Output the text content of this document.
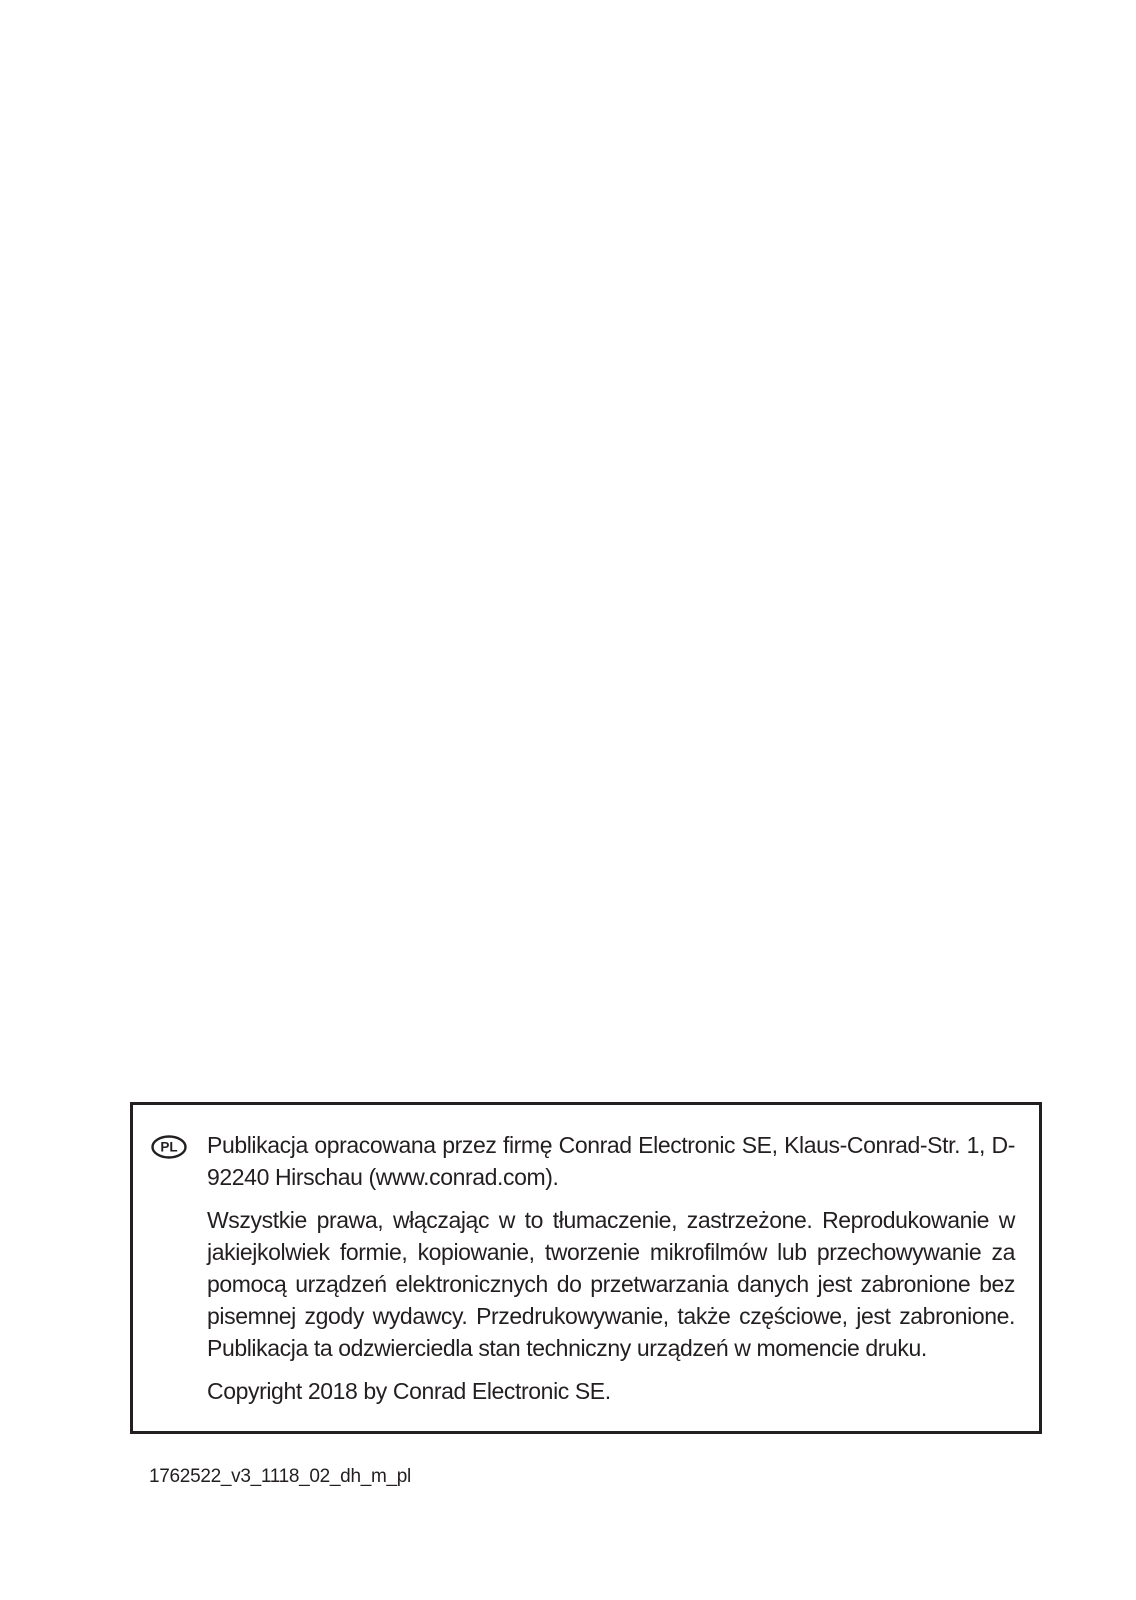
PL Publikacja opracowana przez firmę Conrad Electronic SE, Klaus-Conrad-Str. 1, D-92240 Hirschau (www.conrad.com).

Wszystkie prawa, włączając w to tłumaczenie, zastrzeżone. Reprodukowanie w jakiejkolwiek formie, kopiowanie, tworzenie mikrofilmów lub przechowywanie za pomocą urządzeń elektronicznych do przetwarzania danych jest zabronione bez pisemnej zgody wydawcy. Przedrukowywanie, także częściowe, jest zabronione. Publikacja ta odzwierciedla stan techniczny urządzeń w momencie druku.

Copyright 2018 by Conrad Electronic SE.

1762522_v3_1118_02_dh_m_pl
